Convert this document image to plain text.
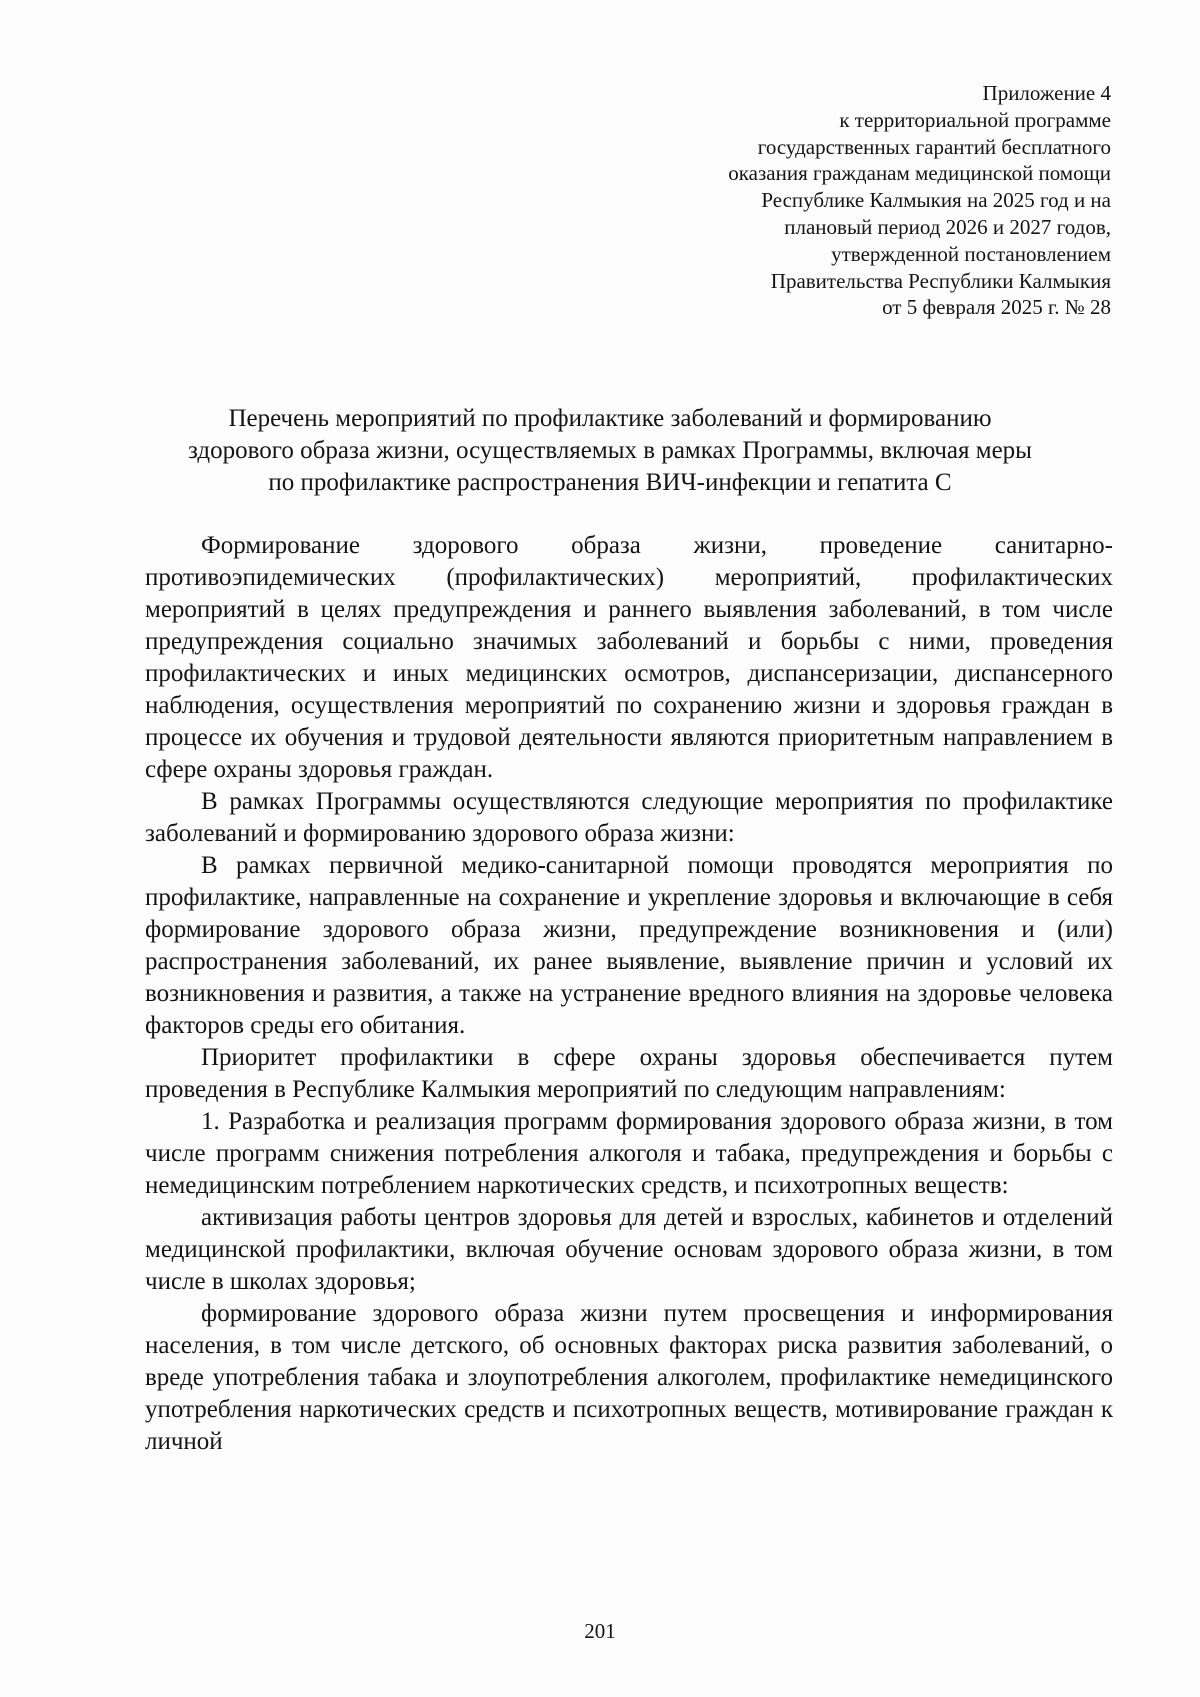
Приложение 4
к территориальной программе
государственных гарантий бесплатного
оказания гражданам медицинской помощи
Республике Калмыкия на 2025 год и на
плановый период 2026 и 2027 годов,
утвержденной постановлением
Правительства Республики Калмыкия
от 5 февраля 2025 г. № 28
Перечень мероприятий по профилактике заболеваний и формированию
здорового образа жизни, осуществляемых в рамках Программы, включая меры
по профилактике распространения ВИЧ-инфекции и гепатита С

Формирование здорового образа жизни, проведение санитарно-противоэпидемических (профилактических) мероприятий, профилактических мероприятий в целях предупреждения и раннего выявления заболеваний, в том числе предупреждения социально значимых заболеваний и борьбы с ними, проведения профилактических и иных медицинских осмотров, диспансеризации, диспансерного наблюдения, осуществления мероприятий по сохранению жизни и здоровья граждан в процессе их обучения и трудовой деятельности являются приоритетным направлением в сфере охраны здоровья граждан.

В рамках Программы осуществляются следующие мероприятия по профилактике заболеваний и формированию здорового образа жизни:

В рамках первичной медико-санитарной помощи проводятся мероприятия по профилактике, направленные на сохранение и укрепление здоровья и включающие в себя формирование здорового образа жизни, предупреждение возникновения и (или) распространения заболеваний, их ранее выявление, выявление причин и условий их возникновения и развития, а также на устранение вредного влияния на здоровье человека факторов среды его обитания.

Приоритет профилактики в сфере охраны здоровья обеспечивается путем проведения в Республике Калмыкия мероприятий по следующим направлениям:

1. Разработка и реализация программ формирования здорового образа жизни, в том числе программ снижения потребления алкоголя и табака, предупреждения и борьбы с немедицинским потреблением наркотических средств, и психотропных веществ:

активизация работы центров здоровья для детей и взрослых, кабинетов и отделений медицинской профилактики, включая обучение основам здорового образа жизни, в том числе в школах здоровья;

формирование здорового образа жизни путем просвещения и информирования населения, в том числе детского, об основных факторах риска развития заболеваний, о вреде употребления табака и злоупотребления алкоголем, профилактике немедицинского употребления наркотических средств и психотропных веществ, мотивирование граждан к личной

201
